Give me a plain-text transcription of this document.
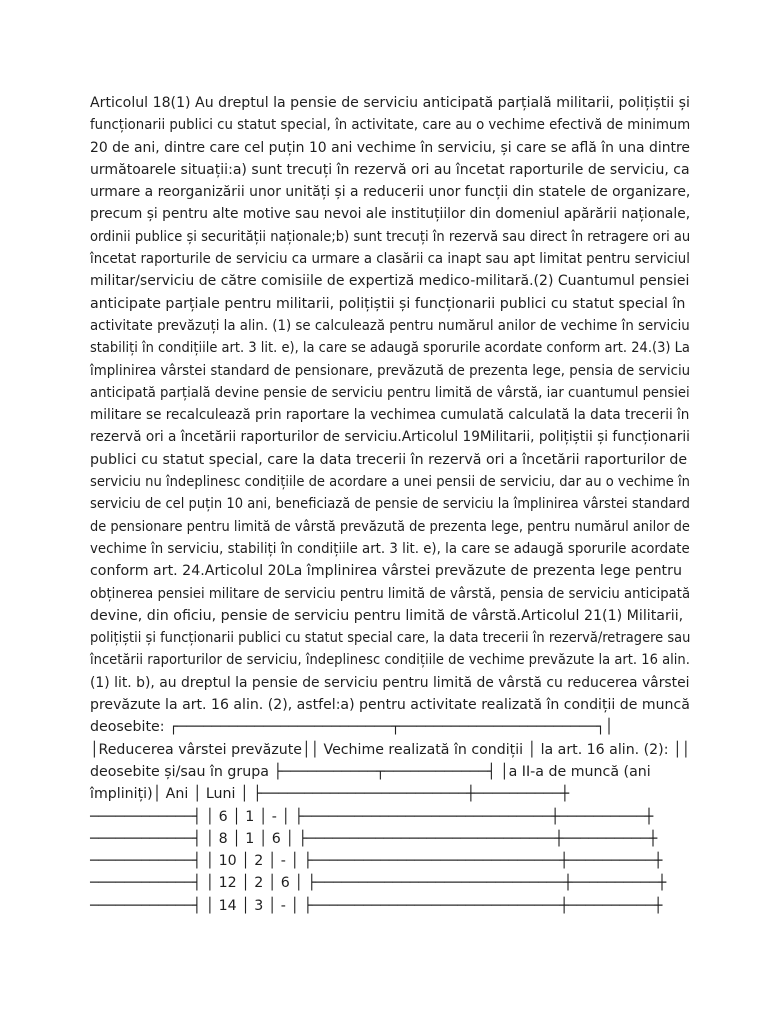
Articolul 18(1) Au dreptul la pensie de serviciu anticipată parțială militarii, polițiștii și
funcționarii publici cu statut special, în activitate, care au o vechime efectivă de minimum
20 de ani, dintre care cel puțin 10 ani vechime în serviciu, și care se află în una dintre
următoarele situații:a) sunt trecuți în rezervă ori au încetat raporturile de serviciu, ca
urmare a reorganizării unor unități și a reducerii unor funcții din statele de organizare,
precum și pentru alte motive sau nevoi ale instituțiilor din domeniul apărării naționale,
ordinii publice și securității naționale;b) sunt trecuți în rezervă sau direct în retragere ori au
încetat raporturile de serviciu ca urmare a clasării ca inapt sau apt limitat pentru serviciul
militar/serviciu de către comisiile de expertiză medico-militară.(2) Cuantumul pensiei
anticipate parțiale pentru militarii, polițiștii și funcționarii publici cu statut special în
activitate prevăzuți la alin. (1) se calculează pentru numărul anilor de vechime în serviciu
stabiliți în condițiile art. 3 lit. e), la care se adaugă sporurile acordate conform art. 24.(3) La
împlinirea vârstei standard de pensionare, prevăzută de prezenta lege, pensia de serviciu
anticipată parțială devine pensie de serviciu pentru limită de vârstă, iar cuantumul pensiei
militare se recalculează prin raportare la vechimea cumulată calculată la data trecerii în
rezervă ori a încetării raporturilor de serviciu.Articolul 19Militarii, polițiștii și funcționarii
publici cu statut special, care la data trecerii în rezervă ori a încetării raporturilor de
serviciu nu îndeplinesc condițiile de acordare a unei pensii de serviciu, dar au o vechime în
serviciu de cel puțin 10 ani, beneficiază de pensie de serviciu la împlinirea vârstei standard
de pensionare pentru limită de vârstă prevăzută de prezenta lege, pentru numărul anilor de
vechime în serviciu, stabiliți în condițiile art. 3 lit. e), la care se adaugă sporurile acordate
conform art. 24.Articolul 20La împlinirea vârstei prevăzute de prezenta lege pentru
obținerea pensiei militare de serviciu pentru limită de vârstă, pensia de serviciu anticipată
devine, din oficiu, pensie de serviciu pentru limită de vârstă.Articolul 21(1) Militarii,
polițiștii și funcționarii publici cu statut special care, la data trecerii în rezervă/retragere sau
încetării raporturilor de serviciu, îndeplinesc condițiile de vechime prevăzute la art. 16 alin.
(1) lit. b), au dreptul la pensie de serviciu pentru limită de vârstă cu reducerea vârstei
prevăzute la art. 16 alin. (2), astfel:a) pentru activitate realizată în condiții de muncă
deosebite: ┌─────────────────────────┬───────────────────────┐│
│Reducerea vârstei prevăzute││ Vechime realizată în condiții │ la art. 16 alin. (2): ││
deosebite și/sau în grupa ├───────────┬────────────┤ │a II-a de muncă (ani
împliniți)│ Ani │ Luni │ ├────────────────────────┼──────────┼
────────────┤ │ 6 │ 1 │ - │ ├─────────────────────────────┼──────────┼
────────────┤ │ 8 │ 1 │ 6 │ ├─────────────────────────────┼──────────┼
────────────┤ │ 10 │ 2 │ - │ ├─────────────────────────────┼──────────┼
────────────┤ │ 12 │ 2 │ 6 │ ├─────────────────────────────┼──────────┼
────────────┤ │ 14 │ 3 │ - │ ├─────────────────────────────┼──────────┼
